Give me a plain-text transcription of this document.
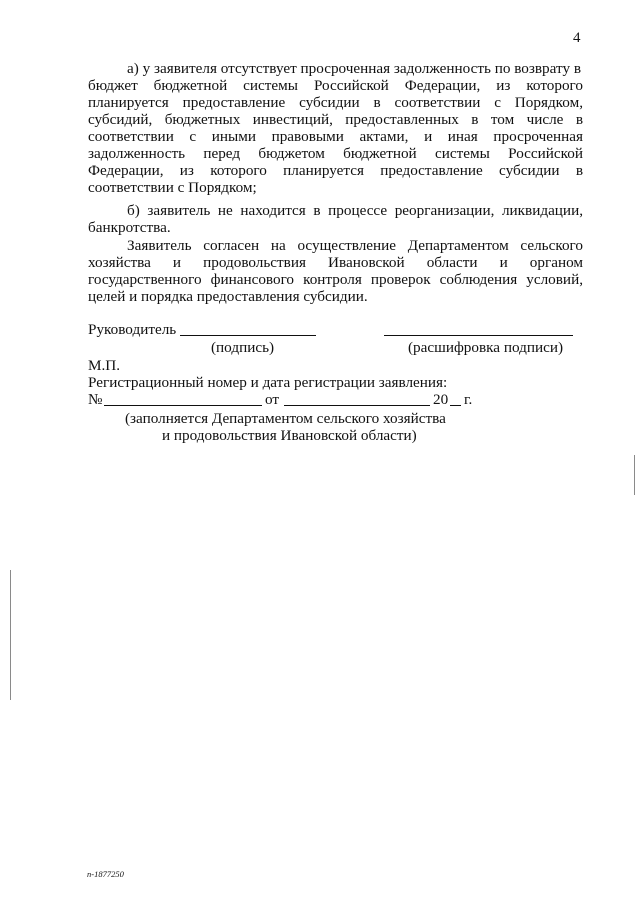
4
а) у заявителя отсутствует просроченная задолженность по возврату в
бюджет бюджетной системы Российской Федерации, из которого
планируется предоставление субсидии в соответствии с Порядком,
субсидий, бюджетных инвестиций, предоставленных в том числе в
соответствии с иными правовыми актами, и иная просроченная
задолженность перед бюджетом бюджетной системы Российской
Федерации, из которого планируется предоставление субсидии в
соответствии с Порядком;
б) заявитель не находится в процессе реорганизации, ликвидации,
банкротства.
Заявитель согласен на осуществление Департаментом сельского
хозяйства и продовольствия Ивановской области и органом
государственного финансового контроля проверок соблюдения условий,
целей и порядка предоставления субсидии.
Руководитель
(подпись)	(расшифровка подписи)
М.П.
Регистрационный номер и дата регистрации заявления:
№	от	20 г.
(заполняется Департаментом сельского хозяйства
и продовольствия Ивановской области)
п-1877250
